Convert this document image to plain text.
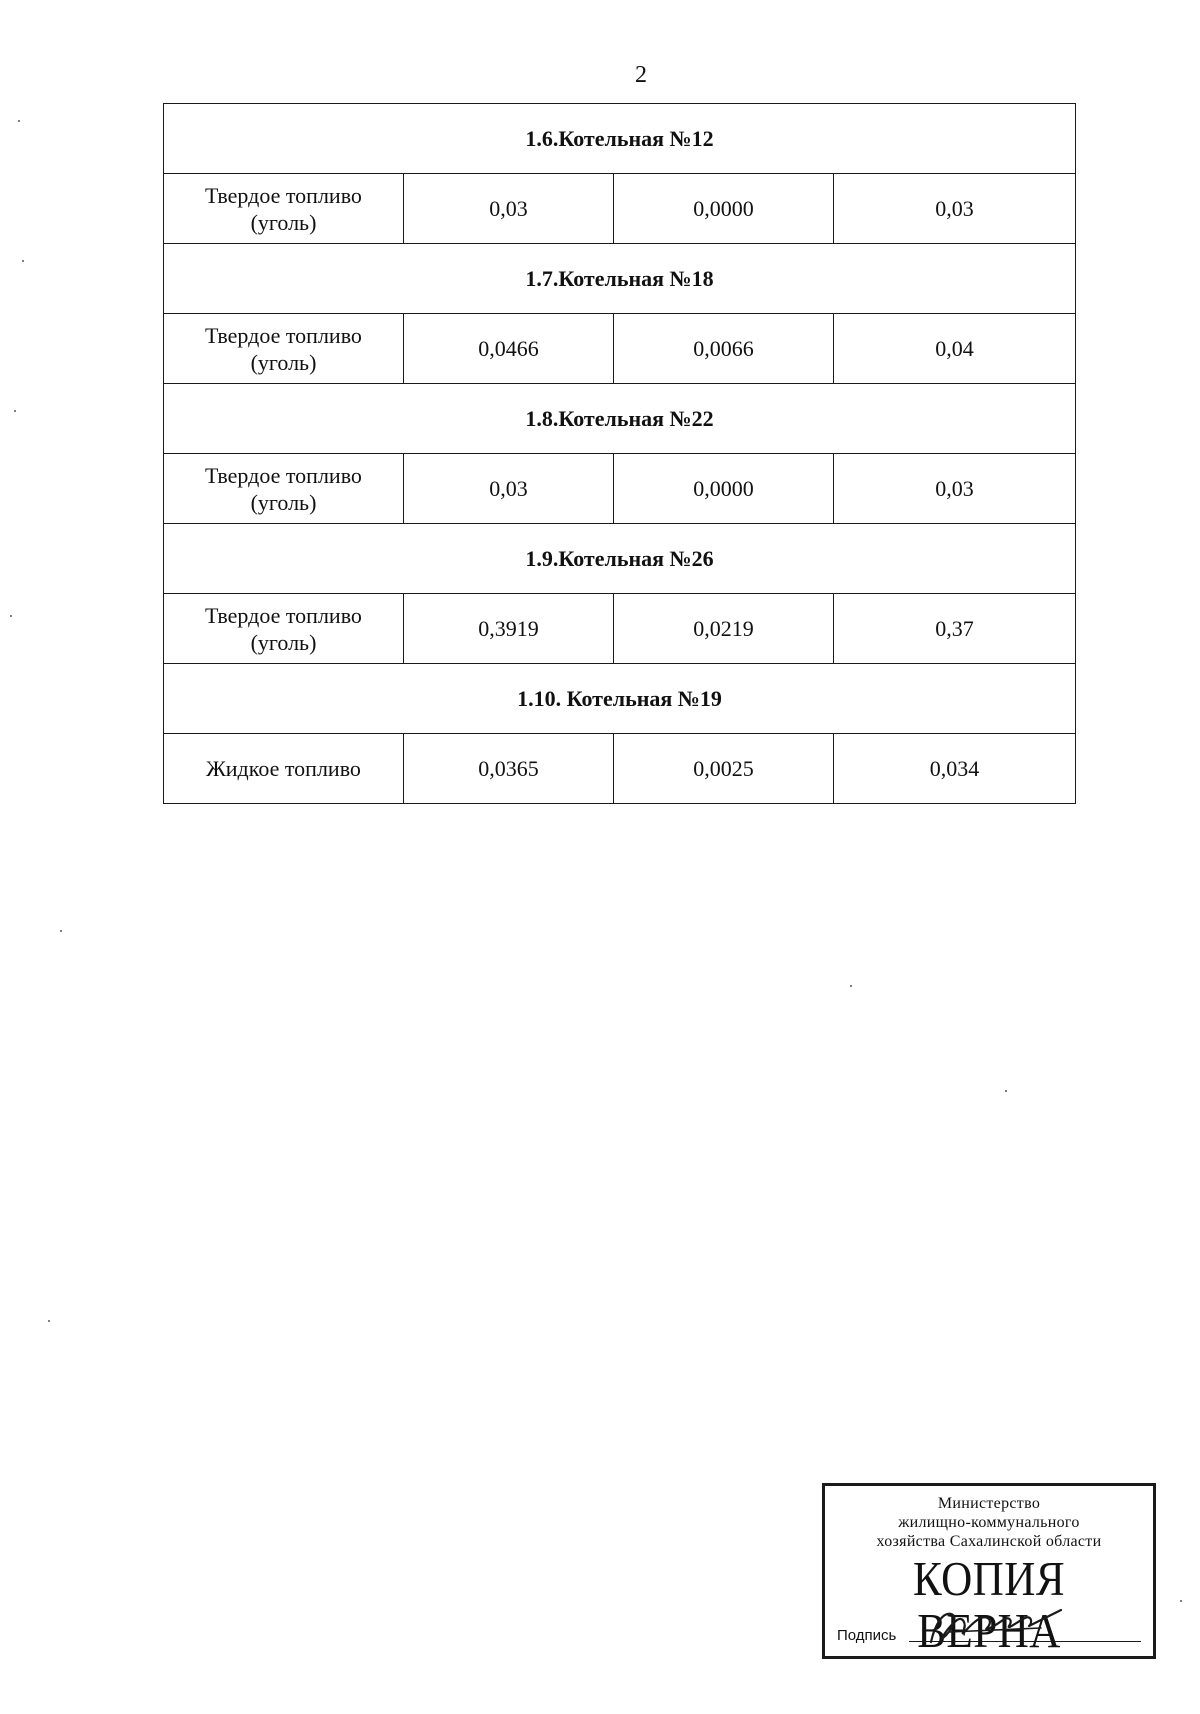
2
1.6.Котельная №12			

Твердое топливо
(уголь)	0,03	0,0000	0,03
1.7.Котельная №18			

Твердое топливо
(уголь)	0,0466	0,0066	0,04
1.8.Котельная №22			

Твердое топливо
(уголь)	0,03	0,0000	0,03
1.9.Котельная №26			

Твердое топливо
(уголь)	0,3919	0,0219	0,37
1.10. Котельная №19			

Жидкое топливо	0,0365	0,0025	0,034
Министерство
жилищно-коммунального
хозяйства Сахалинской области
КОПИЯ ВЕРНА
Подпись
